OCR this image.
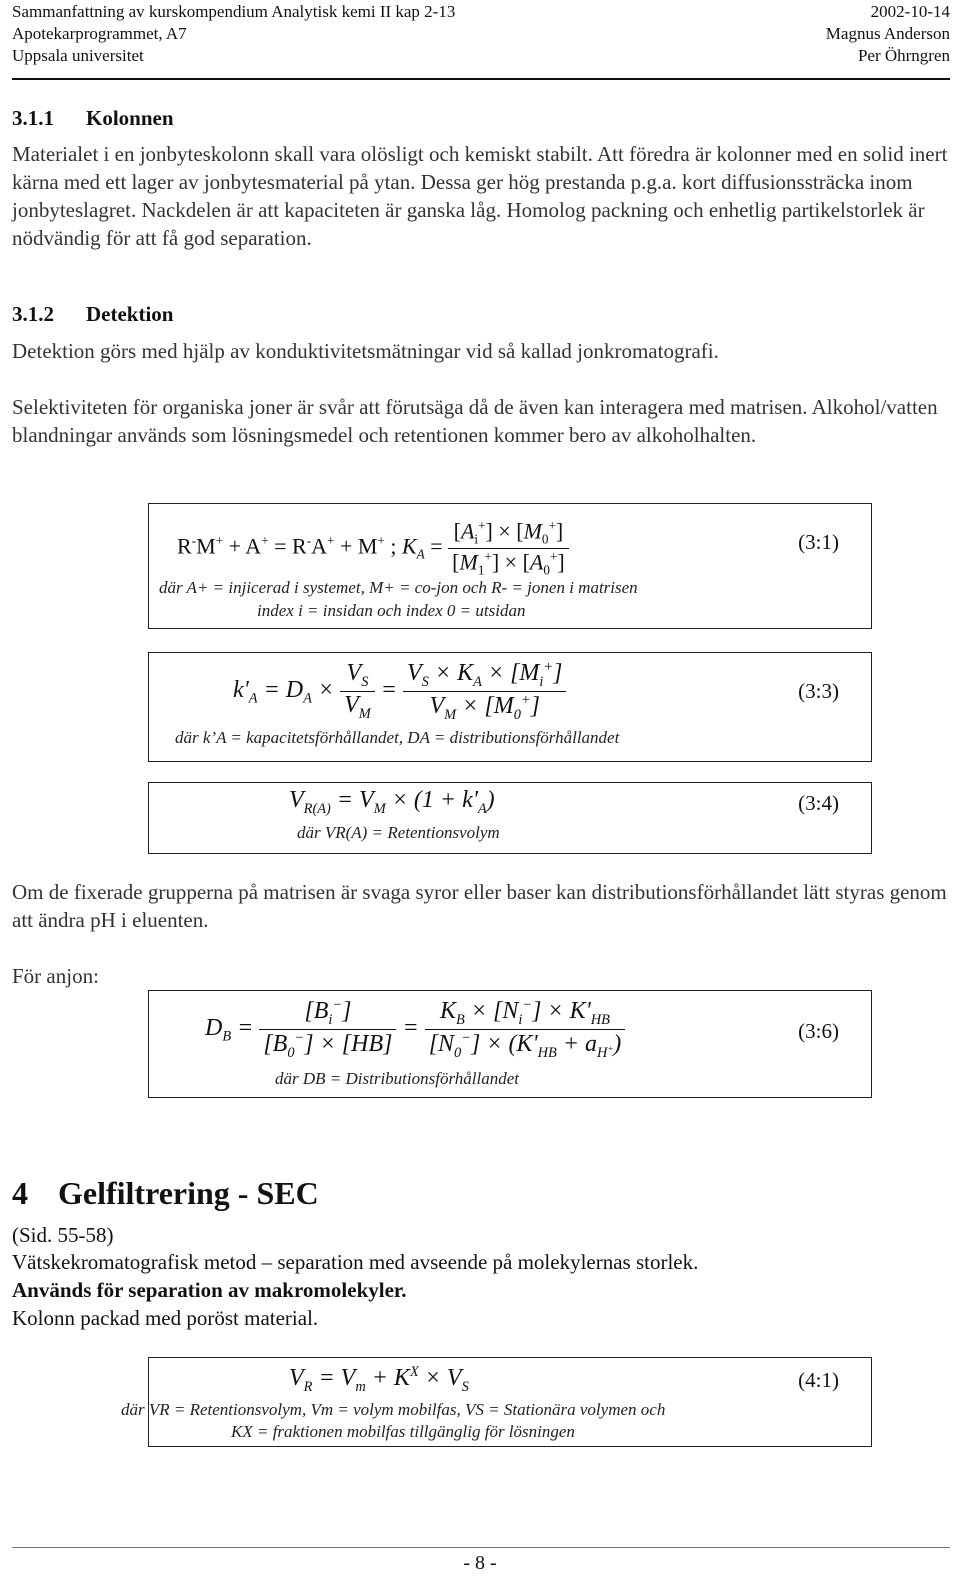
Sammanfattning av kurskompendium Analytisk kemi II kap 2-13	2002-10-14
Apotekarprogrammet, A7	Magnus Anderson
Uppsala universitet	Per Öhrngren
3.1.1 Kolonnen
Materialet i en jonbyteskolonn skall vara olösligt och kemiskt stabilt. Att föredra är kolonner med en solid inert kärna med ett lager av jonbytesmaterial på ytan. Dessa ger hög prestanda p.g.a. kort diffusionssträcka inom jonbyteslagret. Nackdelen är att kapaciteten är ganska låg. Homolog packning och enhetlig partikelstorlek är nödvändig för att få god separation.
3.1.2 Detektion
Detektion görs med hjälp av konduktivitetsmätningar vid så kallad jonkromatografi.
Selektiviteten för organiska joner är svår att förutsäga då de även kan interagera med matrisen. Alkohol/vatten blandningar används som lösningsmedel och retentionen kommer bero av alkoholhalten.
R-M+ + A+ = R-A+ + M+ ; $K_A = \frac{[A_i^+] \times [M_0^+]}{[M_1^+] \times [A_0^+]}$	(3:1)
där A+ = injicerad i systemet, M+ = co-jon och R- = jonen i matrisen
index i = insidan och index 0 = utsidan
$k'_A = D_A \times \frac{V_S}{V_M} = \frac{V_S \times K_A \times [M_i^+]}{V_M \times [M_0^+]}$	(3:3)
där k’A = kapacitetsförhållandet, DA = distributionsförhållandet
$V_{R(A)} = V_M \times (1 + k'_A)$	(3:4)
där VR(A) = Retentionsvolym
Om de fixerade grupperna på matrisen är svaga syror eller baser kan distributionsförhållandet lätt styras genom att ändra pH i eluenten.
För anjon:
$D_B = \frac{[B_i^-]}{[B_0^-] \times [HB]} = \frac{K_B \times [N_i^-] \times K'_{HB}}{[N_0^-] \times (K'_{HB} + a_{H^+})}$	(3:6)
där DB = Distributionsförhållandet
4 Gelfiltrering - SEC
(Sid. 55-58)
Vätskekromatografisk metod – separation med avseende på molekylernas storlek.
Används för separation av makromolekyler.
Kolonn packad med poröst material.
$V_R = V_m + K^X \times V_S$	(4:1)
där VR = Retentionsvolym, Vm = volym mobilfas, VS = Stationära volymen och
KX = fraktionen mobilfas tillgänglig för lösningen
- 8 -
